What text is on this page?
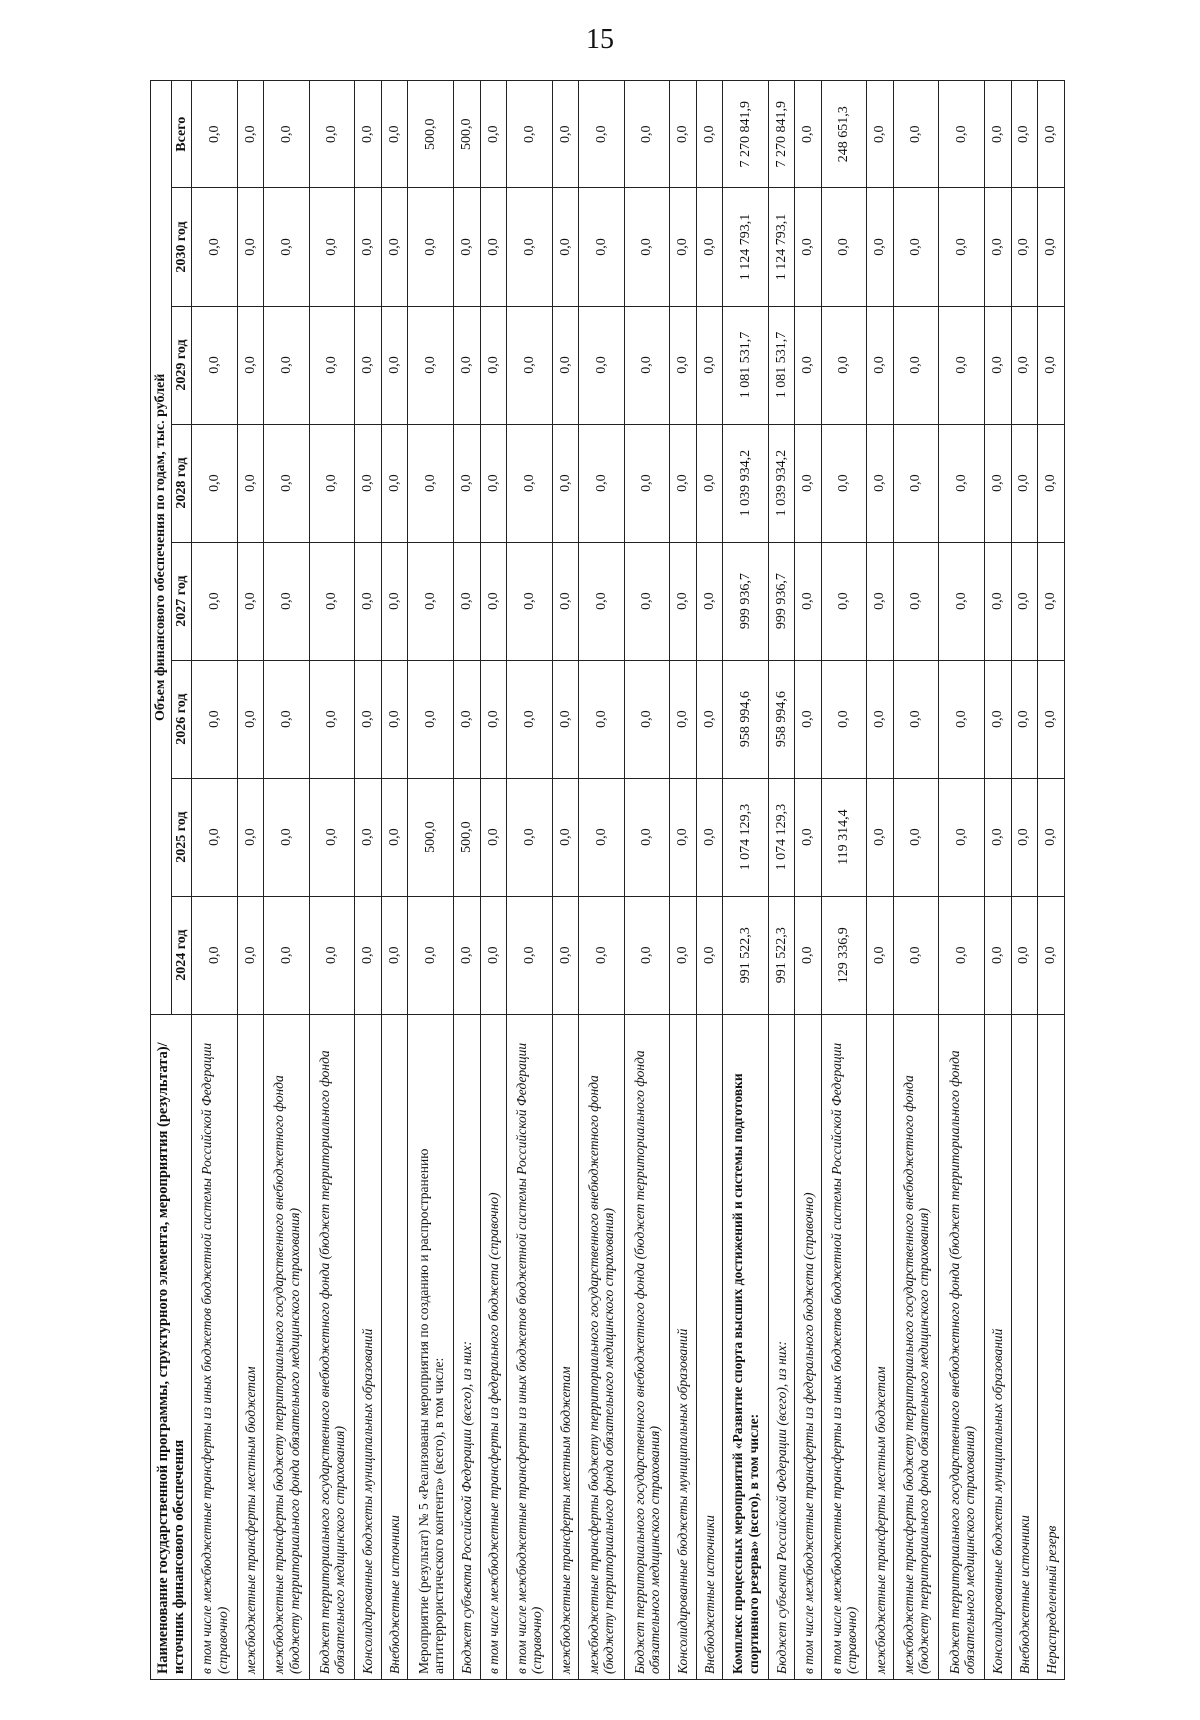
15
Наименование государственной программы, структурного элемента, мероприятия (результата)/источник финансового обеспечения	Объем финансового обеспечения по годам, тыс. рублей							
	2024 год	2025 год	2026 год	2027 год	2028 год	2029 год	2030 год	Всего
в том числе межбюджетные трансферты из иных бюджетов бюджетной системы Российской Федерации (справочно)	0,0	0,0	0,0	0,0	0,0	0,0	0,0	0,0
межбюджетные трансферты местным бюджетам	0,0	0,0	0,0	0,0	0,0	0,0	0,0	0,0
межбюджетные трансферты бюджету территориального государственного внебюджетного фонда (бюджету территориального фонда обязательного медицинского страхования)	0,0	0,0	0,0	0,0	0,0	0,0	0,0	0,0
Бюджет территориального государственного внебюджетного фонда (бюджет территориального фонда обязательного медицинского страхования)	0,0	0,0	0,0	0,0	0,0	0,0	0,0	0,0
Консолидированные бюджеты муниципальных образований	0,0	0,0	0,0	0,0	0,0	0,0	0,0	0,0
Внебюджетные источники	0,0	0,0	0,0	0,0	0,0	0,0	0,0	0,0
Мероприятие (результат) № 5 «Реализованы мероприятия по созданию и распространению антитеррористического контента» (всего), в том числе:	0,0	500,0	0,0	0,0	0,0	0,0	0,0	500,0
Бюджет субъекта Российской Федерации (всего), из них:	0,0	500,0	0,0	0,0	0,0	0,0	0,0	500,0
в том числе межбюджетные трансферты из федерального бюджета (справочно)	0,0	0,0	0,0	0,0	0,0	0,0	0,0	0,0
в том числе межбюджетные трансферты из иных бюджетов бюджетной системы Российской Федерации (справочно)	0,0	0,0	0,0	0,0	0,0	0,0	0,0	0,0
межбюджетные трансферты местным бюджетам	0,0	0,0	0,0	0,0	0,0	0,0	0,0	0,0
межбюджетные трансферты бюджету территориального государственного внебюджетного фонда (бюджету территориального фонда обязательного медицинского страхования)	0,0	0,0	0,0	0,0	0,0	0,0	0,0	0,0
Бюджет территориального государственного внебюджетного фонда (бюджет территориального фонда обязательного медицинского страхования)	0,0	0,0	0,0	0,0	0,0	0,0	0,0	0,0
Консолидированные бюджеты муниципальных образований	0,0	0,0	0,0	0,0	0,0	0,0	0,0	0,0
Внебюджетные источники	0,0	0,0	0,0	0,0	0,0	0,0	0,0	0,0
Комплекс процессных мероприятий «Развитие спорта высших достижений и системы подготовки спортивного резерва» (всего), в том числе:	991 522,3	1 074 129,3	958 994,6	999 936,7	1 039 934,2	1 081 531,7	1 124 793,1	7 270 841,9
Бюджет субъекта Российской Федерации (всего), из них:	991 522,3	1 074 129,3	958 994,6	999 936,7	1 039 934,2	1 081 531,7	1 124 793,1	7 270 841,9
в том числе межбюджетные трансферты из федерального бюджета (справочно)	0,0	0,0	0,0	0,0	0,0	0,0	0,0	0,0
в том числе межбюджетные трансферты из иных бюджетов бюджетной системы Российской Федерации (справочно)	129 336,9	119 314,4	0,0	0,0	0,0	0,0	0,0	248 651,3
межбюджетные трансферты местным бюджетам	0,0	0,0	0,0	0,0	0,0	0,0	0,0	0,0
межбюджетные трансферты бюджету территориального государственного внебюджетного фонда (бюджету территориального фонда обязательного медицинского страхования)	0,0	0,0	0,0	0,0	0,0	0,0	0,0	0,0
Бюджет территориального государственного внебюджетного фонда (бюджет территориального фонда обязательного медицинского страхования)	0,0	0,0	0,0	0,0	0,0	0,0	0,0	0,0
Консолидированные бюджеты муниципальных образований	0,0	0,0	0,0	0,0	0,0	0,0	0,0	0,0
Внебюджетные источники	0,0	0,0	0,0	0,0	0,0	0,0	0,0	0,0
Нераспределенный резерв	0,0	0,0	0,0	0,0	0,0	0,0	0,0	0,0
